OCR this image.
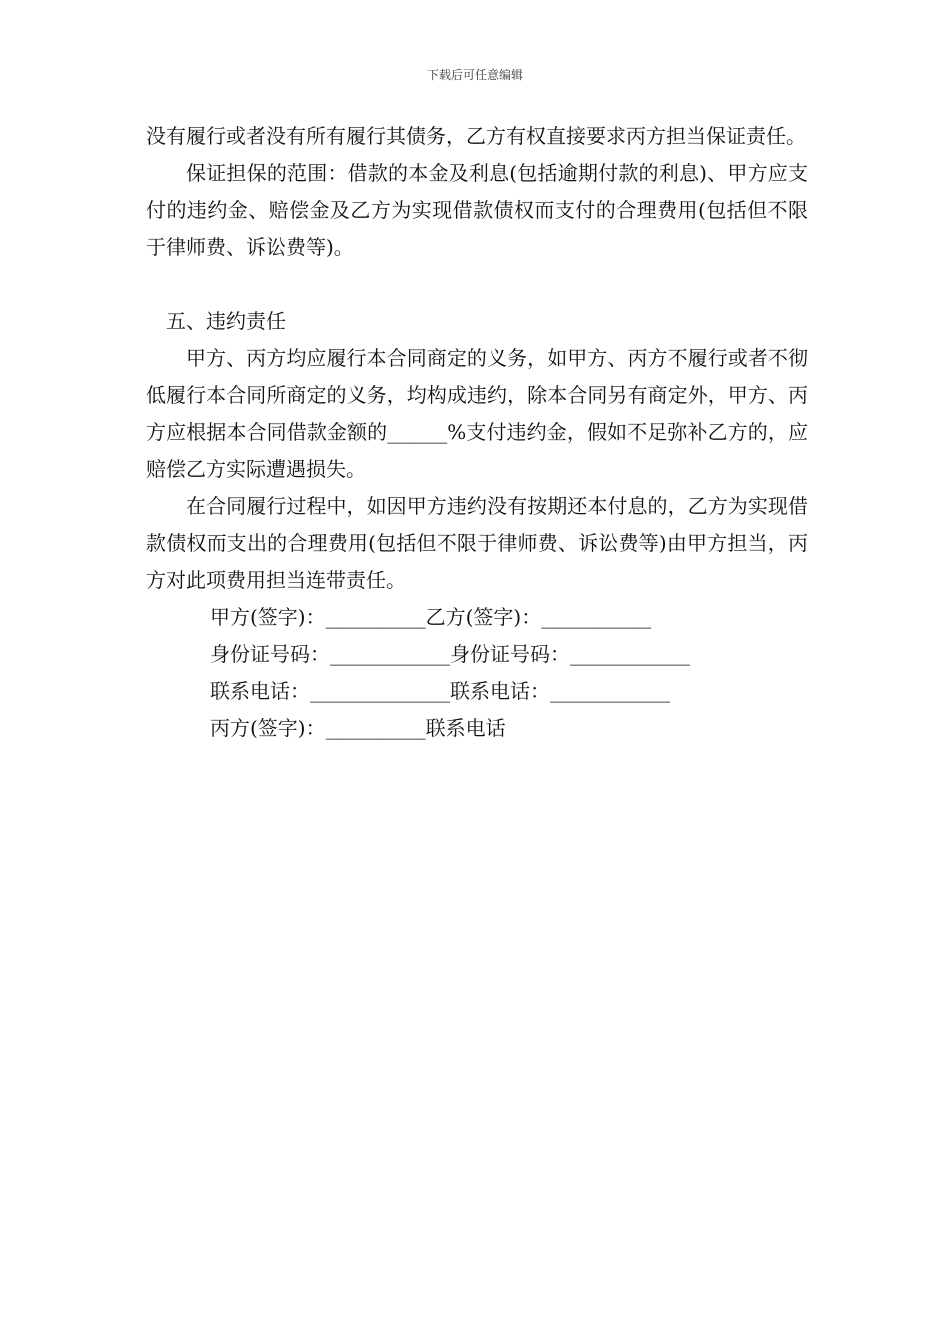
下载后可任意编辑

没有履行或者没有所有履行其债务，乙方有权直接要求丙方担当保证责任。

保证担保的范围：借款的本金及利息(包括逾期付款的利息)、甲方应支付的违约金、赔偿金及乙方为实现借款债权而支付的合理费用(包括但不限于律师费、诉讼费等)。

五、违约责任

甲方、丙方均应履行本合同商定的义务，如甲方、丙方不履行或者不彻低履行本合同所商定的义务，均构成违约，除本合同另有商定外，甲方、丙方应根据本合同借款金额的______%支付违约金，假如不足弥补乙方的，应赔偿乙方实际遭遇损失。

在合同履行过程中，如因甲方违约没有按期还本付息的，乙方为实现借款债权而支出的合理费用(包括但不限于律师费、诉讼费等)由甲方担当，丙方对此项费用担当连带责任。

甲方(签字)：__________乙方(签字)：___________

身份证号码：____________身份证号码：____________

联系电话：______________联系电话：____________

丙方(签字)：__________联系电话
